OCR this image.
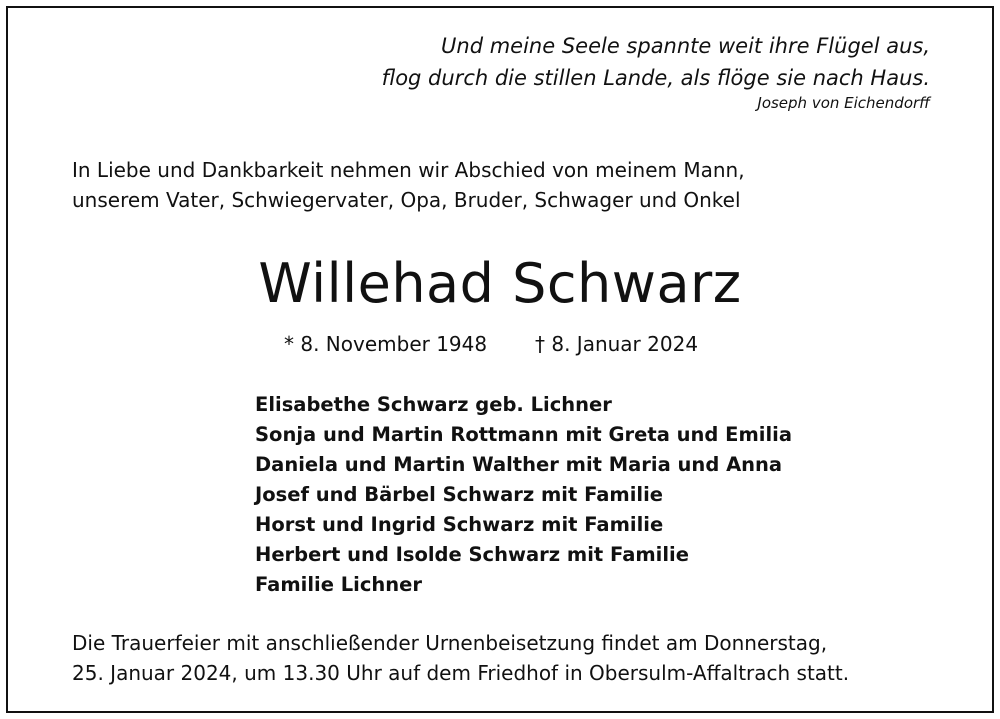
Und meine Seele spannte weit ihre Flügel aus,
flog durch die stillen Lande, als flöge sie nach Haus.
Joseph von Eichendorff
In Liebe und Dankbarkeit nehmen wir Abschied von meinem Mann,
unserem Vater, Schwiegervater, Opa, Bruder, Schwager und Onkel
Willehad Schwarz
* 8. November 1948 † 8. Januar 2024
Elisabethe Schwarz geb. Lichner
Sonja und Martin Rottmann mit Greta und Emilia
Daniela und Martin Walther mit Maria und Anna
Josef und Bärbel Schwarz mit Familie
Horst und Ingrid Schwarz mit Familie
Herbert und Isolde Schwarz mit Familie
Familie Lichner
Die Trauerfeier mit anschließender Urnenbeisetzung findet am Donnerstag,
25. Januar 2024, um 13.30 Uhr auf dem Friedhof in Obersulm-Affaltrach statt.
